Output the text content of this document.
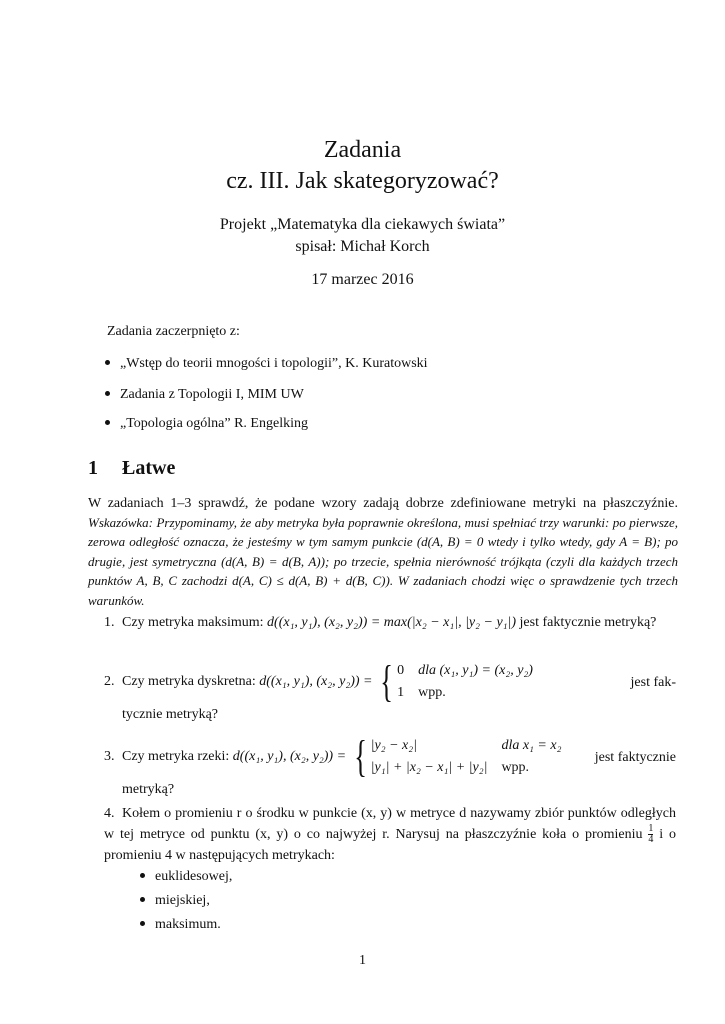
Zadania
cz. III. Jak skategoryzować?
Projekt „Matematyka dla ciekawych świata”
spisał: Michał Korch
17 marzec 2016
Zadania zaczerpnięto z:
„Wstęp do teorii mnogości i topologii”, K. Kuratowski
Zadania z Topologii I, MIM UW
„Topologia ogólna” R. Engelking
1 Łatwe
W zadaniach 1–3 sprawdź, że podane wzory zadają dobrze zdefiniowane metryki na płaszczyźnie. Wskazówka: Przypominamy, że aby metryka była poprawnie określona, musi spełniać trzy warunki: po pierwsze, zerowa odległość oznacza, że jesteśmy w tym samym punkcie (d(A, B) = 0 wtedy i tylko wtedy, gdy A = B); po drugie, jest symetryczna (d(A, B) = d(B, A)); po trzecie, spełnia nierówność trójkąta (czyli dla każdych trzech punktów A, B, C zachodzi d(A, C) ≤ d(A, B) + d(B, C)). W zadaniach chodzi więc o sprawdzenie tych trzech warunków.
1. Czy metryka maksimum: d((x₁, y₁), (x₂, y₂)) = max(|x₂ − x₁|, |y₂ − y₁|) jest faktycznie metryką?
2. Czy metryka dyskretna: d((x₁, y₁), (x₂, y₂)) = { 0	dla (x₁, y₁) = (x₂, y₂)
1	wpp.
jest fak-

tycznie metryką?
3. Czy metryka rzeki: d((x₁, y₁), (x₂, y₂)) = { |y₂ − x₂|	dla x₁ = x₂
|y₁| + |x₂ − x₁| + |y₂|	wpp.
jest faktycznie

metryką?
4. Kołem o promieniu r o środku w punkcie (x, y) w metryce d nazywamy zbiór punktów odległych w tej metryce od punktu (x, y) o co najwyżej r. Narysuj na płaszczyźnie koła o promieniu $\frac{1}{4}$ i o promieniu 4 w następujących metrykach:
euklidesowej,
miejskiej,
maksimum.
1
